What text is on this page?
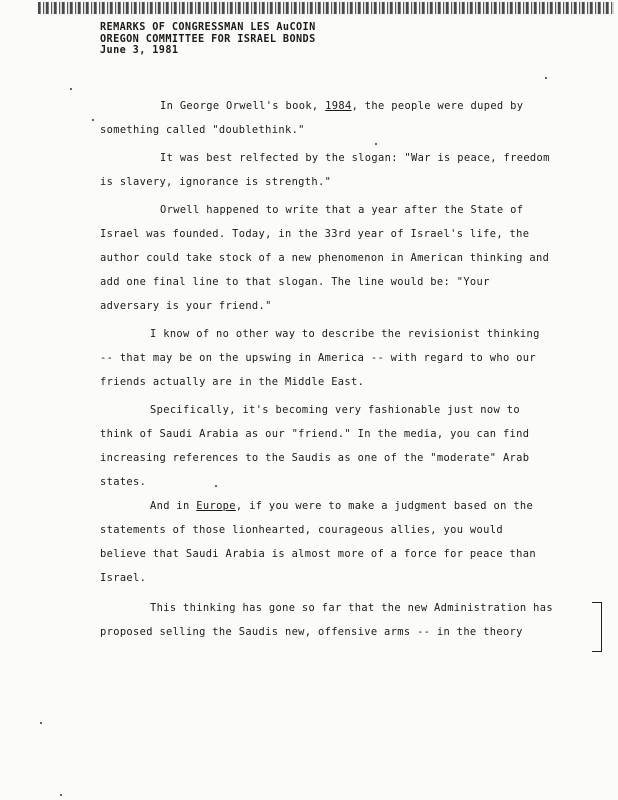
REMARKS OF CONGRESSMAN LES AuCOIN
OREGON COMMITTEE FOR ISRAEL BONDS
June 3, 1981
In George Orwell's book, 1984, the people were duped by
something called "doublethink."
It was best relfected by the slogan: "War is peace, freedom
is slavery, ignorance is strength."
Orwell happened to write that a year after the State of
Israel was founded. Today, in the 33rd year of Israel's life, the
author could take stock of a new phenomenon in American thinking and
add one final line to that slogan. The line would be: "Your
adversary is your friend."
I know of no other way to describe the revisionist thinking
-- that may be on the upswing in America -- with regard to who our
friends actually are in the Middle East.
Specifically, it's becoming very fashionable just now to
think of Saudi Arabia as our "friend." In the media, you can find
increasing references to the Saudis as one of the "moderate" Arab
states.
And in Europe, if you were to make a judgment based on the
statements of those lionhearted, courageous allies, you would
believe that Saudi Arabia is almost more of a force for peace than
Israel.
This thinking has gone so far that the new Administration has
proposed selling the Saudis new, offensive arms -- in the theory
